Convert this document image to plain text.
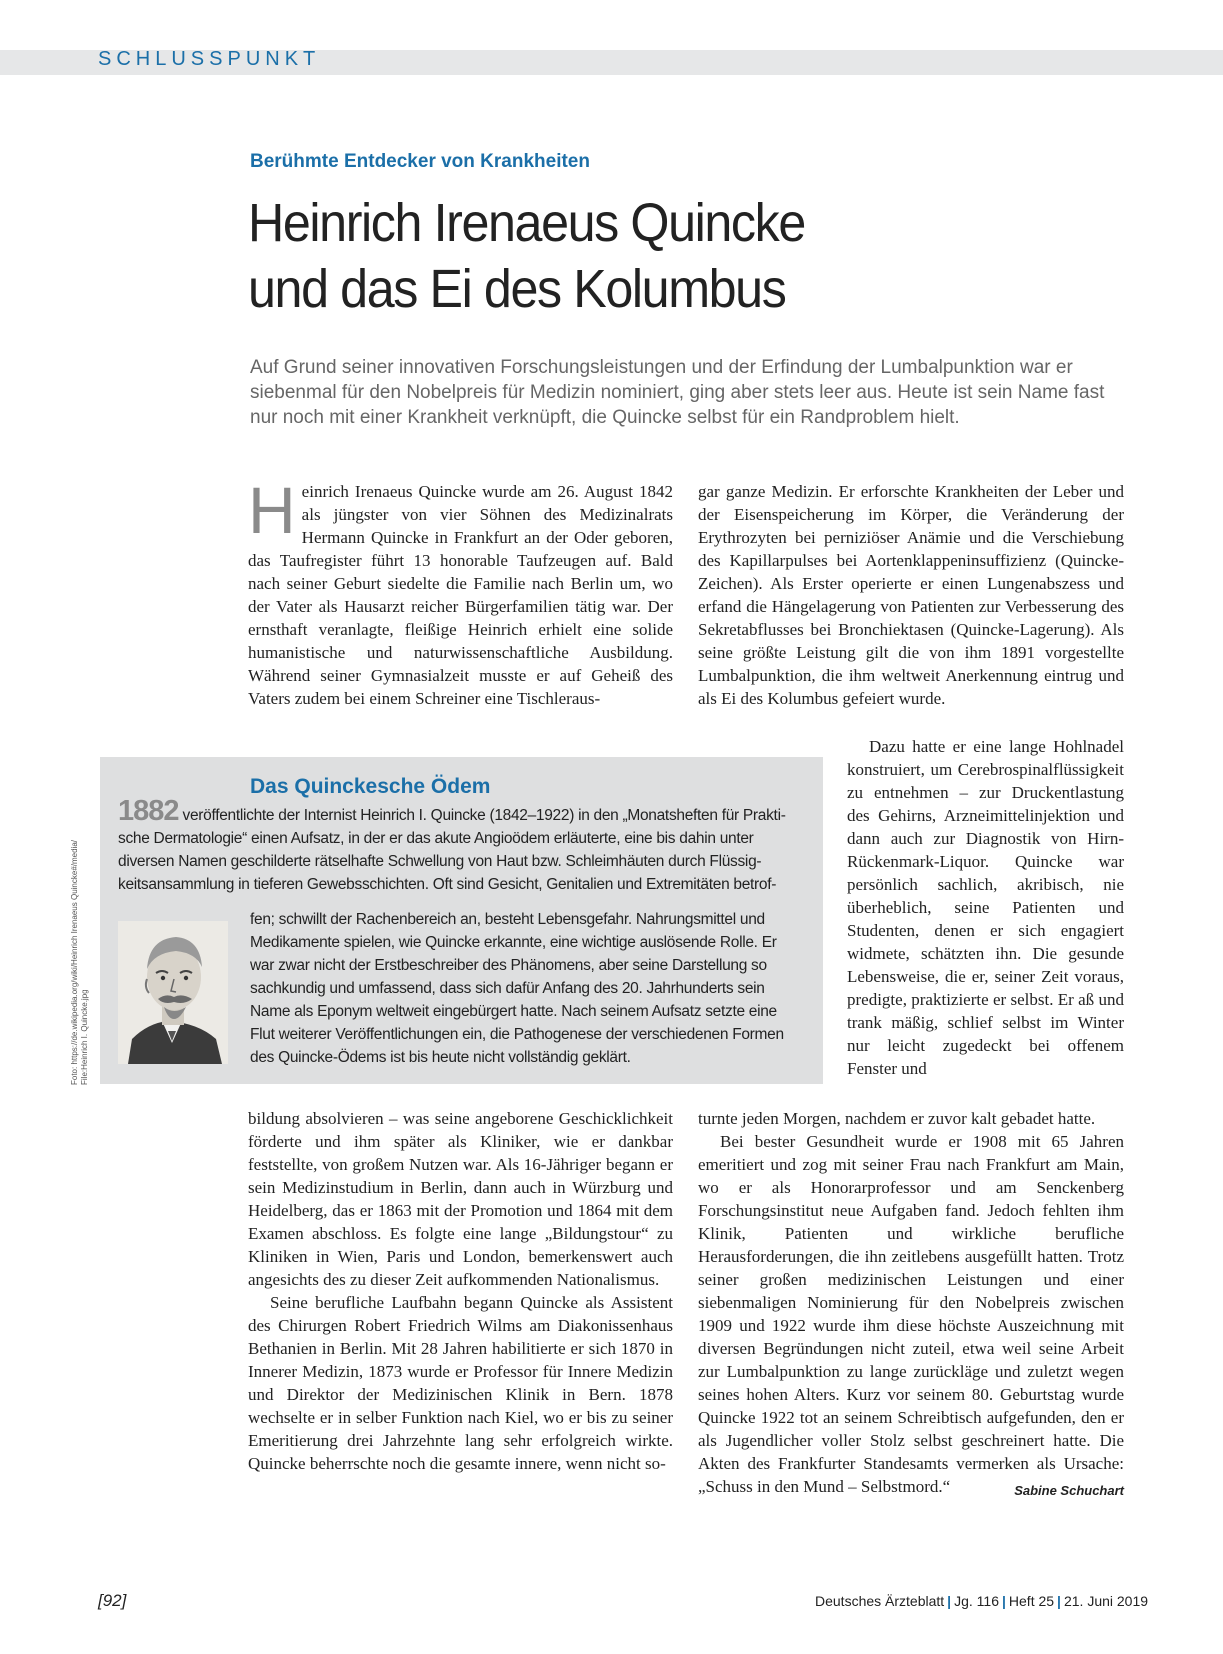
SCHLUSSPUNKT
Berühmte Entdecker von Krankheiten
Heinrich Irenaeus Quincke
und das Ei des Kolumbus
Auf Grund seiner innovativen Forschungsleistungen und der Erfindung der Lumbalpunktion war er siebenmal für den Nobelpreis für Medizin nominiert, ging aber stets leer aus. Heute ist sein Name fast nur noch mit einer Krankheit verknüpft, die Quincke selbst für ein Randproblem hielt.

Heinrich Irenaeus Quincke wurde am 26. August 1842 als jüngster von vier Söhnen des Medizinalrats Hermann Quincke in Frankfurt an der Oder geboren, das Taufregister führt 13 honorable Taufzeugen auf. Bald nach seiner Geburt siedelte die Familie nach Berlin um, wo der Vater als Hausarzt reicher Bürgerfamilien tätig war. Der ernsthaft veranlagte, fleißige Heinrich erhielt eine solide humanistische und naturwissenschaftliche Ausbildung. Während seiner Gymnasialzeit musste er auf Geheiß des Vaters zudem bei einem Schreiner eine Tischleraus-

gar ganze Medizin. Er erforschte Krankheiten der Leber und der Eisenspeicherung im Körper, die Veränderung der Erythrozyten bei perniziöser Anämie und die Verschiebung des Kapillarpulses bei Aortenklappeninsuffizienz (Quincke-Zeichen). Als Erster operierte er einen Lungenabszess und erfand die Hängelagerung von Patienten zur Verbesserung des Sekretabflusses bei Bronchiektasen (Quincke-Lagerung). Als seine größte Leistung gilt die von ihm 1891 vorgestellte Lumbalpunktion, die ihm weltweit Anerkennung eintrug und als Ei des Kolumbus gefeiert wurde.

Dazu hatte er eine lange Hohlnadel konstruiert, um Cerebrospinalflüssigkeit zu entnehmen – zur Druckentlastung des Gehirns, Arzneimittelinjektion und dann auch zur Diagnostik von Hirn-Rückenmark-Liquor. Quincke war persönlich sachlich, akribisch, nie überheblich, seine Patienten und Studenten, denen er sich engagiert widmete, schätzten ihn. Die gesunde Lebensweise, die er, seiner Zeit voraus, predigte, praktizierte er selbst. Er aß und trank mäßig, schlief selbst im Winter nur leicht zugedeckt bei offenem Fenster und

Das Quinckesche Ödem
1882 veröffentlichte der Internist Heinrich I. Quincke (1842–1922) in den „Monatsheften für Prakti-
sche Dermatologie“ einen Aufsatz, in der er das akute Angioödem erläuterte, eine bis dahin unter
diversen Namen geschilderte rätselhafte Schwellung von Haut bzw. Schleimhäuten durch Flüssig-
keitsansammlung in tieferen Gewebsschichten. Oft sind Gesicht, Genitalien und Extremitäten betrof-
fen; schwillt der Rachenbereich an, besteht Lebensgefahr. Nahrungsmittel und
Medikamente spielen, wie Quincke erkannte, eine wichtige auslösende Rolle. Er
war zwar nicht der Erstbeschreiber des Phänomens, aber seine Darstellung so
sachkundig und umfassend, dass sich dafür Anfang des 20. Jahrhunderts sein
Name als Eponym weltweit eingebürgert hatte. Nach seinem Aufsatz setzte eine
Flut weiterer Veröffentlichungen ein, die Pathogenese der verschiedenen Formen
des Quincke-Ödems ist bis heute nicht vollständig geklärt.
Foto: https://de.wikipedia.org/wiki/Heinrich Irenaeus Quincke#/media/ File:Heinrich I. Quincke.jpg

bildung absolvieren – was seine angeborene Geschicklichkeit förderte und ihm später als Kliniker, wie er dankbar feststellte, von großem Nutzen war. Als 16-Jähriger begann er sein Medizinstudium in Berlin, dann auch in Würzburg und Heidelberg, das er 1863 mit der Promotion und 1864 mit dem Examen abschloss. Es folgte eine lange „Bildungstour“ zu Kliniken in Wien, Paris und London, bemerkenswert auch angesichts des zu dieser Zeit aufkommenden Nationalismus.

Seine berufliche Laufbahn begann Quincke als Assistent des Chirurgen Robert Friedrich Wilms am Diakonissenhaus Bethanien in Berlin. Mit 28 Jahren habilitierte er sich 1870 in Innerer Medizin, 1873 wurde er Professor für Innere Medizin und Direktor der Medizinischen Klinik in Bern. 1878 wechselte er in selber Funktion nach Kiel, wo er bis zu seiner Emeritierung drei Jahrzehnte lang sehr erfolgreich wirkte. Quincke beherrschte noch die gesamte innere, wenn nicht so-

turnte jeden Morgen, nachdem er zuvor kalt gebadet hatte.

Bei bester Gesundheit wurde er 1908 mit 65 Jahren emeritiert und zog mit seiner Frau nach Frankfurt am Main, wo er als Honorarprofessor und am Senckenberg Forschungsinstitut neue Aufgaben fand. Jedoch fehlten ihm Klinik, Patienten und wirkliche berufliche Herausforderungen, die ihn zeitlebens ausgefüllt hatten. Trotz seiner großen medizinischen Leistungen und einer siebenmaligen Nominierung für den Nobelpreis zwischen 1909 und 1922 wurde ihm diese höchste Auszeichnung mit diversen Begründungen nicht zuteil, etwa weil seine Arbeit zur Lumbalpunktion zu lange zurückläge und zuletzt wegen seines hohen Alters. Kurz vor seinem 80. Geburtstag wurde Quincke 1922 tot an seinem Schreibtisch aufgefunden, den er als Jugendlicher voller Stolz selbst geschreinert hatte. Die Akten des Frankfurter Standesamts vermerken als Ursache: „Schuss in den Mund – Selbstmord.“	Sabine Schuchart

[92]	Deutsches Ärzteblatt | Jg. 116 | Heft 25 | 21. Juni 2019
